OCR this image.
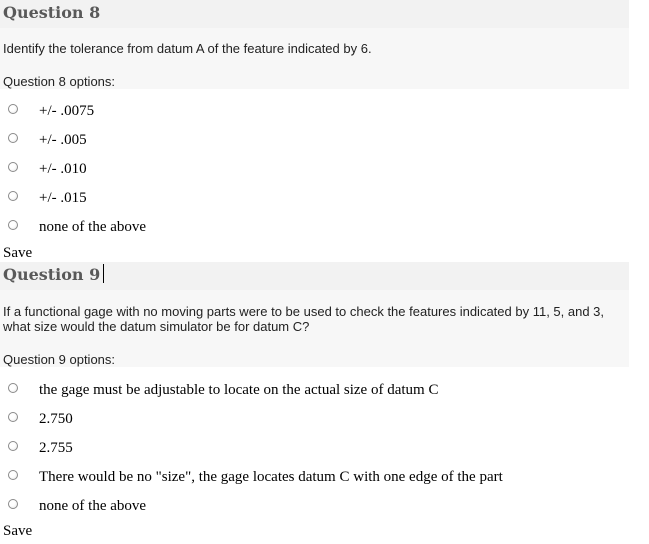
Question 8

Identify the tolerance from datum A of the feature indicated by 6.

Question 8 options:
+/- .0075
+/- .005
+/- .010
+/- .015
none of the above
Save
Question 9

If a functional gage with no moving parts were to be used to check the features indicated by 11, 5, and 3, what size would the datum simulator be for datum C?

Question 9 options:
the gage must be adjustable to locate on the actual size of datum C
2.750
2.755
There would be no "size", the gage locates datum C with one edge of the part
none of the above
Save
